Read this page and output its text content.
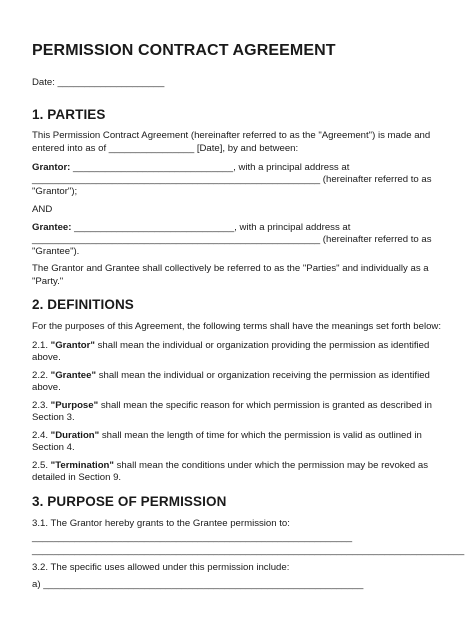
PERMISSION CONTRACT AGREEMENT
Date: ____________________
1. PARTIES
This Permission Contract Agreement (hereinafter referred to as the "Agreement") is made and
entered into as of ________________ [Date], by and between:
Grantor: ______________________________, with a principal address at
______________________________________________________ (hereinafter referred to as
"Grantor");
AND
Grantee: ______________________________, with a principal address at
______________________________________________________ (hereinafter referred to as
"Grantee").
The Grantor and Grantee shall collectively be referred to as the "Parties" and individually as a
"Party."
2. DEFINITIONS
For the purposes of this Agreement, the following terms shall have the meanings set forth below:
2.1. "Grantor" shall mean the individual or organization providing the permission as identified
above.
2.2. "Grantee" shall mean the individual or organization receiving the permission as identified
above.
2.3. "Purpose" shall mean the specific reason for which permission is granted as described in
Section 3.
2.4. "Duration" shall mean the length of time for which the permission is valid as outlined in
Section 4.
2.5. "Termination" shall mean the conditions under which the permission may be revoked as
detailed in Section 9.
3. PURPOSE OF PERMISSION
3.1. The Grantor hereby grants to the Grantee permission to:
____________________________________________________________
_________________________________________________________________________________
3.2. The specific uses allowed under this permission include:
a) ____________________________________________________________
